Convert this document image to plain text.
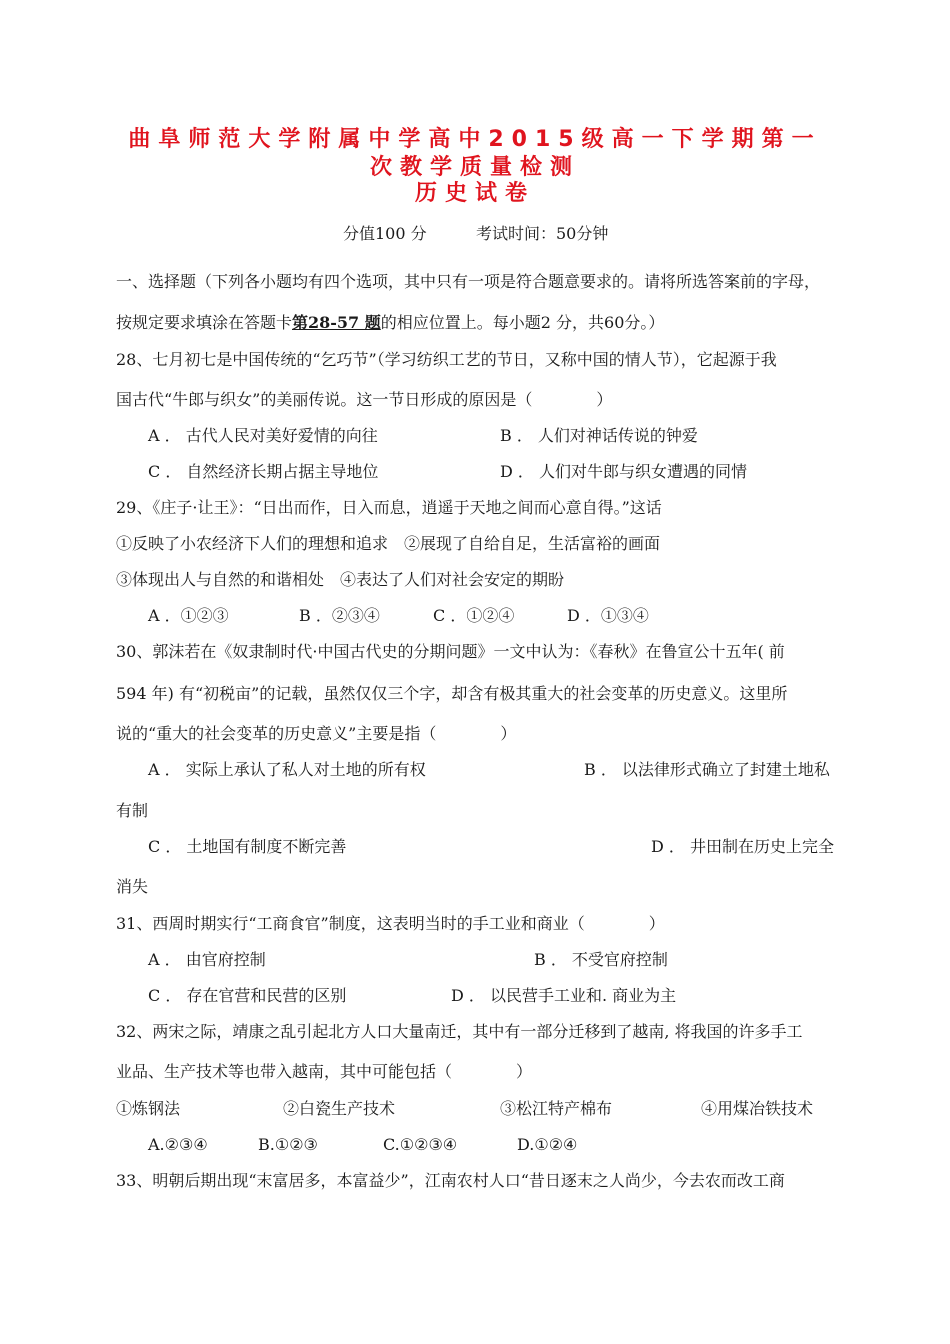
曲阜师范大学附属中学高中2015级高一下学期第一
次教学质量检测
历史试卷
分值100 分	考试时间：50分钟
一、选择题（下列各小题均有四个选项，其中只有一项是符合题意要求的。请将所选答案前的字母，
按规定要求填涂在答题卡第28-57 题的相应位置上。每小题2 分，共60分。）
28、七月初七是中国传统的“乞巧节”（学习纺织工艺的节日，又称中国的情人节），它起源于我
国古代“牛郎与织女”的美丽传说。这一节日形成的原因是（　　　　）
A ． 古代人民对美好爱情的向往	B ． 人们对神话传说的钟爱
C ． 自然经济长期占据主导地位	D ． 人们对牛郎与织女遭遇的同情
29、《庄子·让王》：“日出而作，日入而息，逍遥于天地之间而心意自得。”这话
①反映了小农经济下人们的理想和追求　②展现了自给自足，生活富裕的画面
③体现出人与自然的和谐相处　④表达了人们对社会安定的期盼
A ．①②③	B ．②③④	C ．①②④	D ．①③④
30、郭沫若在《奴隶制时代·中国古代史的分期问题》一文中认为：《春秋》在鲁宣公十五年( 前
594 年) 有“初税亩”的记载，虽然仅仅三个字，却含有极其重大的社会变革的历史意义。这里所
说的“重大的社会变革的历史意义”主要是指（　　　　）
A ． 实际上承认了私人对土地的所有权	B ． 以法律形式确立了封建土地私
有制
C ． 土地国有制度不断完善	D ． 井田制在历史上完全
消失
31、西周时期实行“工商食官”制度，这表明当时的手工业和商业（　　　　）
A ． 由官府控制	B ． 不受官府控制
C ． 存在官营和民营的区别	D ． 以民营手工业和. 商业为主
32、两宋之际，靖康之乱引起北方人口大量南迁，其中有一部分迁移到了越南, 将我国的许多手工
业品、生产技术等也带入越南，其中可能包括（　　　　）
①炼钢法	②白瓷生产技术	③松江特产棉布	④用煤冶铁技术
A.②③④	B.①②③	C.①②③④	D.①②④
33、明朝后期出现“末富居多，本富益少”，江南农村人口“昔日逐末之人尚少，今去农而改工商
